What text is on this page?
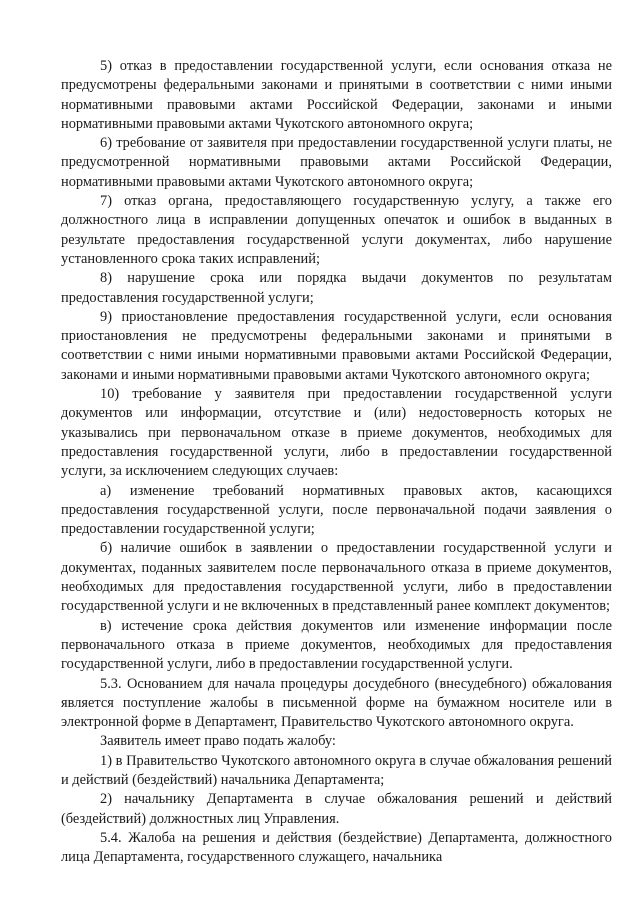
5) отказ в предоставлении государственной услуги, если основания отказа не предусмотрены федеральными законами и принятыми в соответствии с ними иными нормативными правовыми актами Российской Федерации, законами и иными нормативными правовыми актами Чукотского автономного округа;

6) требование от заявителя при предоставлении государственной услуги платы, не предусмотренной нормативными правовыми актами Российской Федерации, нормативными правовыми актами Чукотского автономного округа;

7) отказ органа, предоставляющего государственную услугу, а также его должностного лица в исправлении допущенных опечаток и ошибок в выданных в результате предоставления государственной услуги документах, либо нарушение установленного срока таких исправлений;

8) нарушение срока или порядка выдачи документов по результатам предоставления государственной услуги;

9) приостановление предоставления государственной услуги, если основания приостановления не предусмотрены федеральными законами и принятыми в соответствии с ними иными нормативными правовыми актами Российской Федерации, законами и иными нормативными правовыми актами Чукотского автономного округа;

10) требование у заявителя при предоставлении государственной услуги документов или информации, отсутствие и (или) недостоверность которых не указывались при первоначальном отказе в приеме документов, необходимых для предоставления государственной услуги, либо в предоставлении государственной услуги, за исключением следующих случаев:

а) изменение требований нормативных правовых актов, касающихся предоставления государственной услуги, после первоначальной подачи заявления о предоставлении государственной услуги;

б) наличие ошибок в заявлении о предоставлении государственной услуги и документах, поданных заявителем после первоначального отказа в приеме документов, необходимых для предоставления государственной услуги, либо в предоставлении государственной услуги и не включенных в представленный ранее комплект документов;

в) истечение срока действия документов или изменение информации после первоначального отказа в приеме документов, необходимых для предоставления государственной услуги, либо в предоставлении государственной услуги.

5.3. Основанием для начала процедуры досудебного (внесудебного) обжалования является поступление жалобы в письменной форме на бумажном носителе или в электронной форме в Департамент, Правительство Чукотского автономного округа.

Заявитель имеет право подать жалобу:

1) в Правительство Чукотского автономного округа в случае обжалования решений и действий (бездействий) начальника Департамента;

2) начальнику Департамента в случае обжалования решений и действий (бездействий) должностных лиц Управления.

5.4. Жалоба на решения и действия (бездействие) Департамента, должностного лица Департамента, государственного служащего, начальника
